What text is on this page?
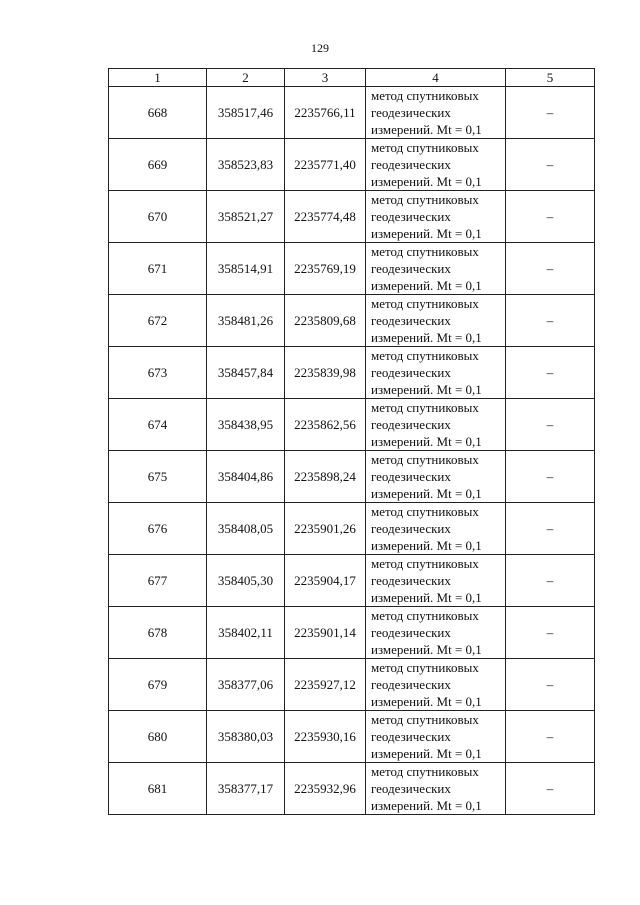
129
1	2	3	4	5
668	358517,46	2235766,11	метод спутниковых
геодезических
измерений. Mt = 0,1	–
669	358523,83	2235771,40	метод спутниковых
геодезических
измерений. Mt = 0,1	–
670	358521,27	2235774,48	метод спутниковых
геодезических
измерений. Mt = 0,1	–
671	358514,91	2235769,19	метод спутниковых
геодезических
измерений. Mt = 0,1	–
672	358481,26	2235809,68	метод спутниковых
геодезических
измерений. Mt = 0,1	–
673	358457,84	2235839,98	метод спутниковых
геодезических
измерений. Mt = 0,1	–
674	358438,95	2235862,56	метод спутниковых
геодезических
измерений. Mt = 0,1	–
675	358404,86	2235898,24	метод спутниковых
геодезических
измерений. Mt = 0,1	–
676	358408,05	2235901,26	метод спутниковых
геодезических
измерений. Mt = 0,1	–
677	358405,30	2235904,17	метод спутниковых
геодезических
измерений. Mt = 0,1	–
678	358402,11	2235901,14	метод спутниковых
геодезических
измерений. Mt = 0,1	–
679	358377,06	2235927,12	метод спутниковых
геодезических
измерений. Mt = 0,1	–
680	358380,03	2235930,16	метод спутниковых
геодезических
измерений. Mt = 0,1	–
681	358377,17	2235932,96	метод спутниковых
геодезических
измерений. Mt = 0,1	–
